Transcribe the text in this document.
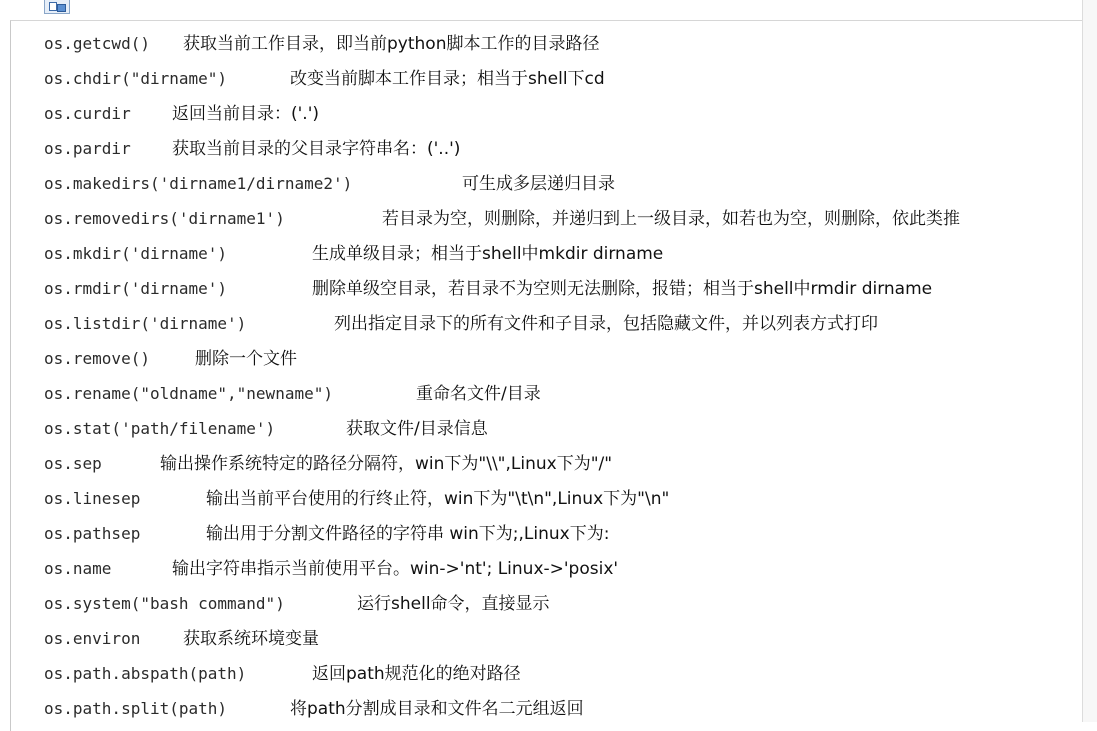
os.getcwd() 获取当前工作目录，即当前python脚本工作的目录路径
os.chdir("dirname")	改变当前脚本工作目录；相当于shell下cd
os.curdir 返回当前目录：('.')
os.pardir 获取当前目录的父目录字符串名：('..')
os.makedirs('dirname1/dirname2')	可生成多层递归目录
os.removedirs('dirname1')	若目录为空，则删除，并递归到上一级目录，如若也为空，则删除，依此类推
os.mkdir('dirname')	生成单级目录；相当于shell中mkdir dirname
os.rmdir('dirname')	删除单级空目录，若目录不为空则无法删除，报错；相当于shell中rmdir dirname
os.listdir('dirname')	列出指定目录下的所有文件和子目录，包括隐藏文件，并以列表方式打印
os.remove()	删除一个文件
os.rename("oldname","newname")	重命名文件/目录
os.stat('path/filename')	获取文件/目录信息
os.sep	输出操作系统特定的路径分隔符，win下为"\\",Linux下为"/"
os.linesep	输出当前平台使用的行终止符，win下为"\t\n",Linux下为"\n"
os.pathsep	输出用于分割文件路径的字符串 win下为;,Linux下为:
os.name	输出字符串指示当前使用平台。win->'nt'; Linux->'posix'
os.system("bash command")	运行shell命令，直接显示
os.environ	获取系统环境变量
os.path.abspath(path)	返回path规范化的绝对路径
os.path.split(path)	将path分割成目录和文件名二元组返回
